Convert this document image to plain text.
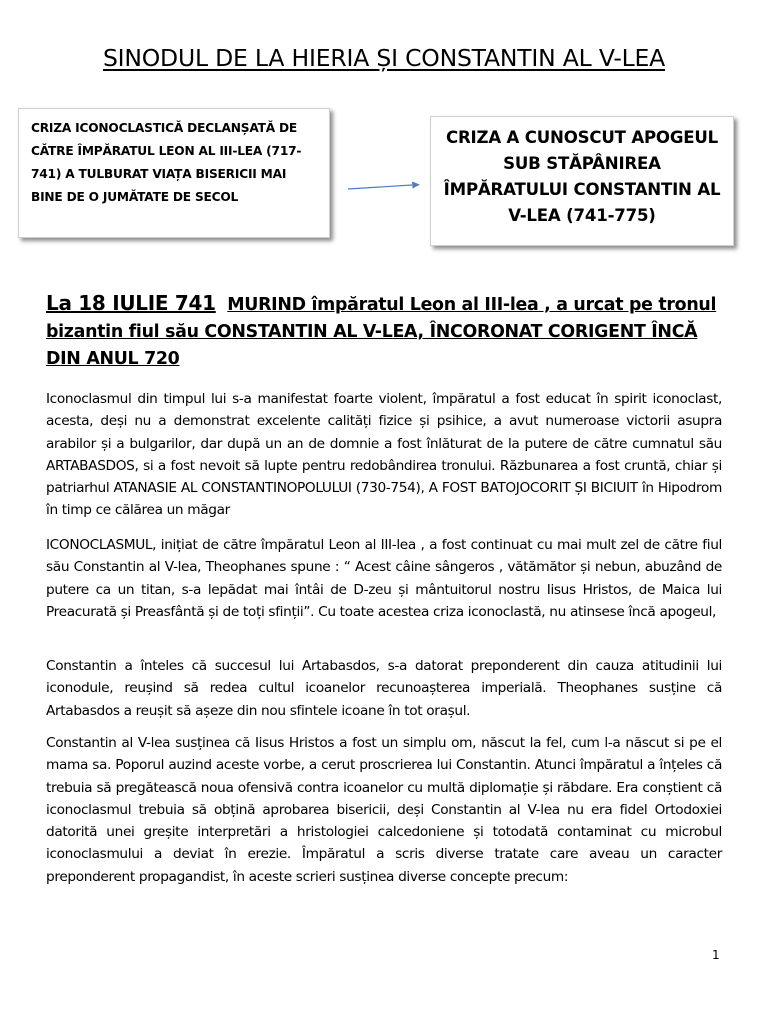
SINODUL DE LA HIERIA ȘI CONSTANTIN AL V-LEA
CRIZA ICONOCLASTICĂ DECLANȘATĂ DE CĂTRE ÎMPĂRATUL LEON AL III-LEA (717-741) A TULBURAT VIAȚA BISERICII MAI BINE DE O JUMĂTATE DE SECOL
CRIZA A CUNOSCUT APOGEUL SUB STĂPÂNIREA ÎMPĂRATULUI CONSTANTIN AL V-LEA (741-775)
La 18 IULIE 741 MURIND împăratul Leon al III-lea , a urcat pe tronul bizantin fiul său CONSTANTIN AL V-LEA, ÎNCORONAT CORIGENT ÎNCĂ DIN ANUL 720
Iconoclasmul din timpul lui s-a manifestat foarte violent, împăratul a fost educat în spirit iconoclast, acesta, deși nu a demonstrat excelente calități fizice și psihice, a avut numeroase victorii asupra arabilor și a bulgarilor, dar după un an de domnie a fost înlăturat de la putere de către cumnatul său ARTABASDOS, si a fost nevoit să lupte pentru redobândirea tronului. Răzbunarea a fost cruntă, chiar și patriarhul ATANASIE AL CONSTANTINOPOLULUI (730-754), A FOST BATOJOCORIT ȘI BICIUIT în Hipodrom în timp ce călărea un măgar
ICONOCLASMUL, inițiat de către împăratul Leon al III-lea , a fost continuat cu mai mult zel de către fiul său Constantin al V-lea, Theophanes spune : “ Acest câine sângeros , vătămător și nebun, abuzând de putere ca un titan, s-a lepădat mai întâi de D-zeu și mântuitorul nostru Iisus Hristos, de Maica lui Preacurată și Preasfântă și de toți sfinții”. Cu toate acestea criza iconoclastă, nu atinsese încă apogeul,
Constantin a înteles că succesul lui Artabasdos, s-a datorat preponderent din cauza atitudinii lui iconodule, reușind să redea cultul icoanelor recunoașterea imperială. Theophanes susține că Artabasdos a reușit să așeze din nou sfintele icoane în tot orașul.
Constantin al V-lea susținea că Iisus Hristos a fost un simplu om, născut la fel, cum l-a născut si pe el mama sa. Poporul auzind aceste vorbe, a cerut proscrierea lui Constantin. Atunci împăratul a înțeles că trebuia să pregătească noua ofensivă contra icoanelor cu multă diplomație și răbdare. Era conștient că iconoclasmul trebuia să obțină aprobarea bisericii, deși Constantin al V-lea nu era fidel Ortodoxiei datorită unei greșite interpretări a hristologiei calcedoniene și totodată contaminat cu microbul iconoclasmului a deviat în erezie. Împăratul a scris diverse tratate care aveau un caracter preponderent propagandist, în aceste scrieri susținea diverse concepte precum:
1
